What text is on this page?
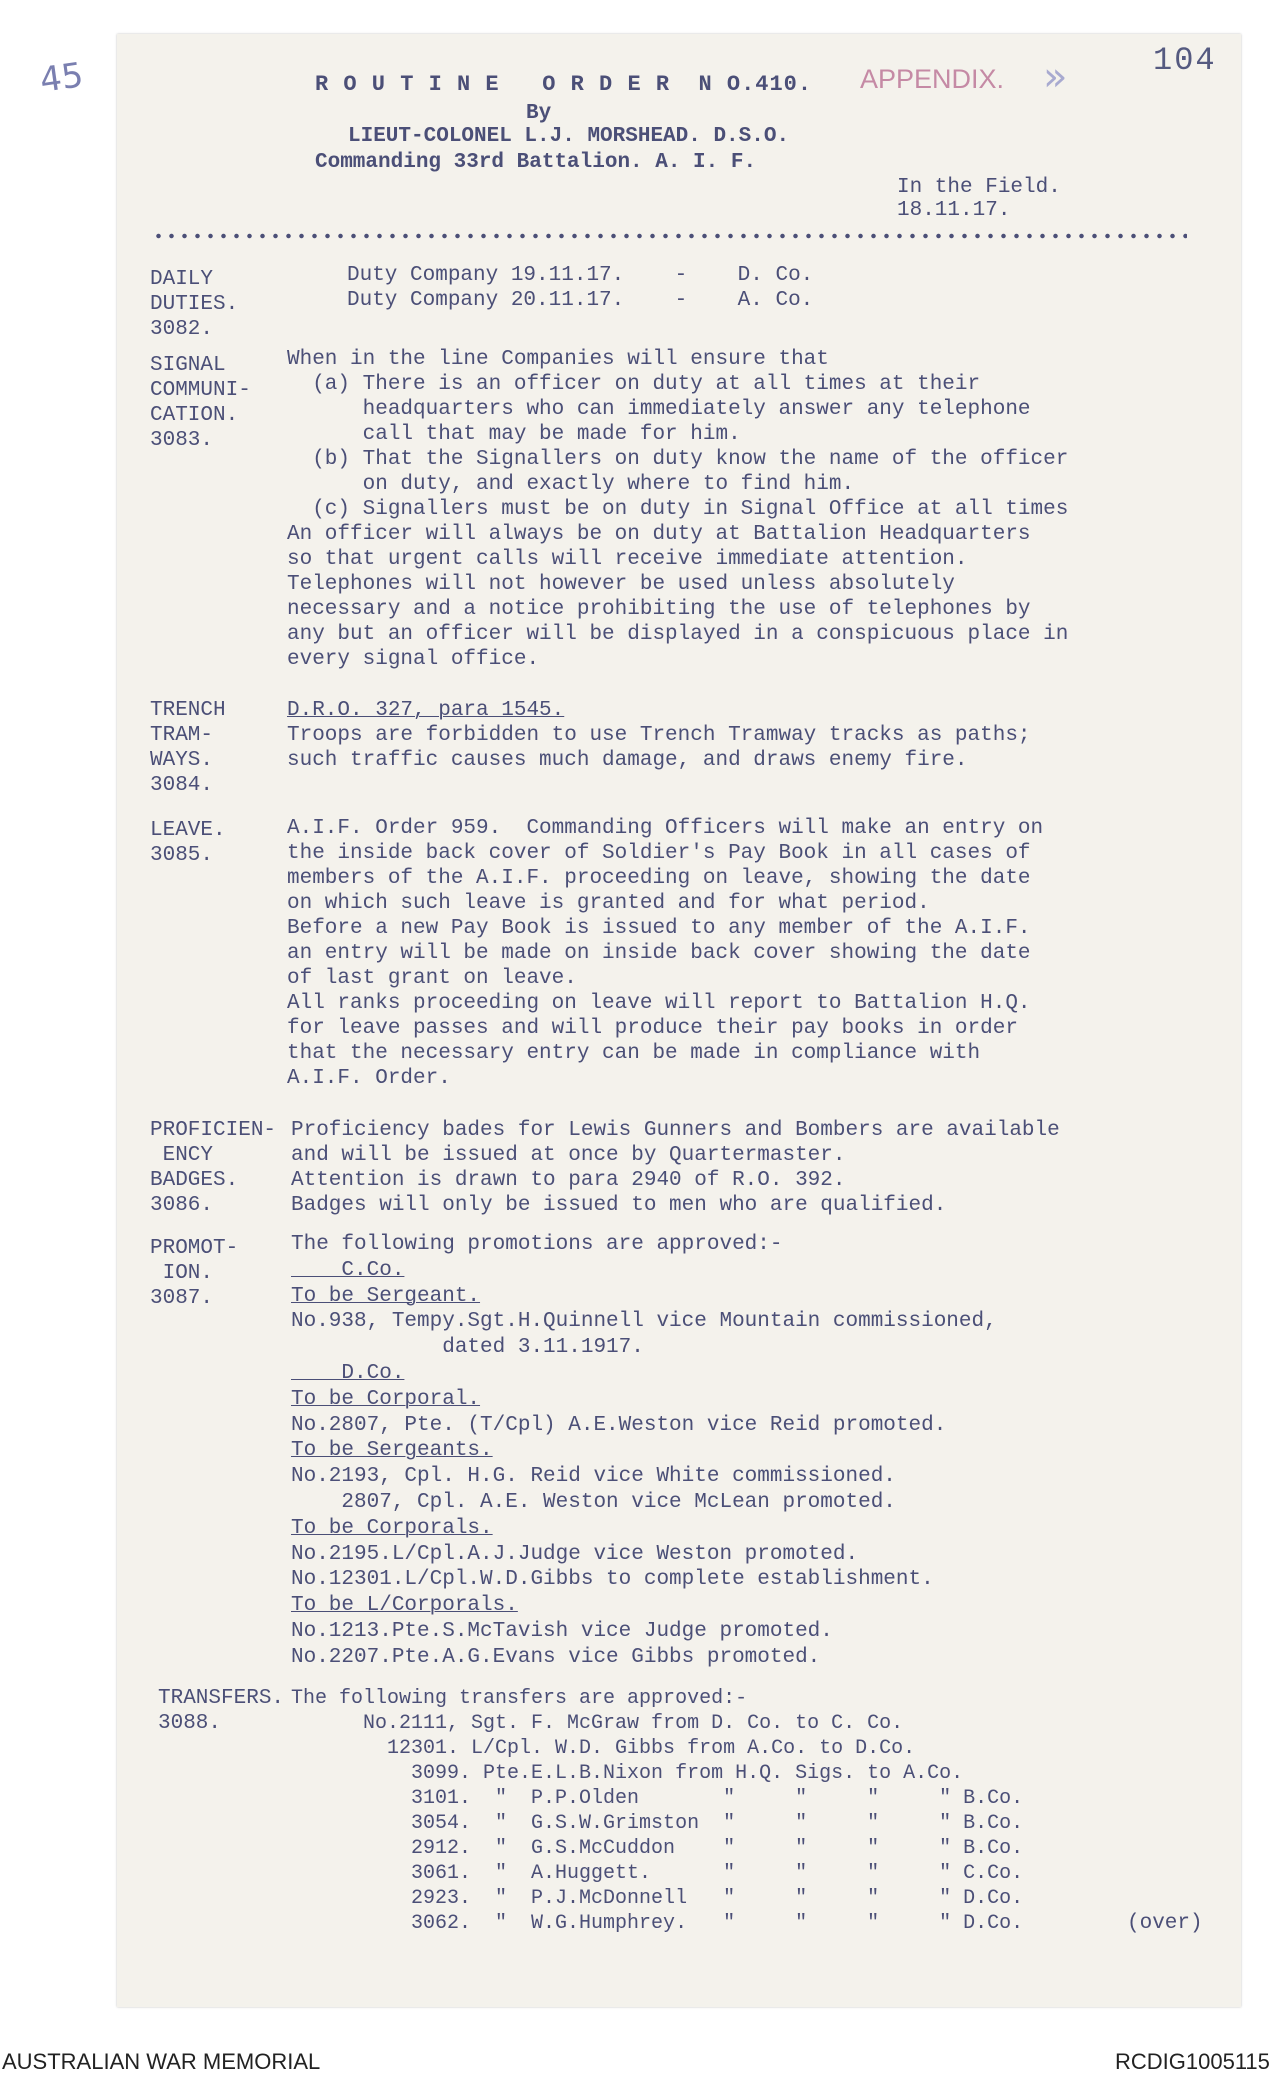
45	104
APPENDIX. »
R O U T I N E   O R D E R  N O.410.
By
LIEUT-COLONEL L.J. MORSHEAD. D.S.O.
Commanding 33rd Battalion. A. I. F.
In the Field.
18.11.17.
DAILY
DUTIES.
3082.
Duty Company 19.11.17.    -    D. Co.
Duty Company 20.11.17.    -    A. Co.
SIGNAL
COMMUNI-
CATION.
3083.
When in the line Companies will ensure that
(a) There is an officer on duty at all times at their
headquarters who can immediately answer any telephone
call that may be made for him.
(b) That the Signallers on duty know the name of the officer
on duty, and exactly where to find him.
(c) Signallers must be on duty in Signal Office at all times
An officer will always be on duty at Battalion Headquarters
so that urgent calls will receive immediate attention.
Telephones will not however be used unless absolutely
necessary and a notice prohibiting the use of telephones by
any but an officer will be displayed in a conspicuous place in
every signal office.
TRENCH
TRAM-
WAYS.
3084.
D.R.O. 327, para 1545.
Troops are forbidden to use Trench Tramway tracks as paths;
such traffic causes much damage, and draws enemy fire.
LEAVE.
3085.
A.I.F. Order 959.  Commanding Officers will make an entry on
the inside back cover of Soldier's Pay Book in all cases of
members of the A.I.F. proceeding on leave, showing the date
on which such leave is granted and for what period.
Before a new Pay Book is issued to any member of the A.I.F.
an entry will be made on inside back cover showing the date
of last grant on leave.
All ranks proceeding on leave will report to Battalion H.Q.
for leave passes and will produce their pay books in order
that the necessary entry can be made in compliance with
A.I.F. Order.
PROFICIEN-
ENCY
BADGES.
3086.
Proficiency bades for Lewis Gunners and Bombers are available
and will be issued at once by Quartermaster.
Attention is drawn to para 2940 of R.O. 392.
Badges will only be issued to men who are qualified.
PROMOT-
ION.
3087.
The following promotions are approved:-
C.Co.
To be Sergeant.
No.938, Tempy.Sgt.H.Quinnell vice Mountain commissioned,
dated 3.11.1917.
D.Co.
To be Corporal.
No.2807, Pte. (T/Cpl) A.E.Weston vice Reid promoted.
To be Sergeants.
No.2193, Cpl. H.G. Reid vice White commissioned.
2807, Cpl. A.E. Weston vice McLean promoted.
To be Corporals.
No.2195.L/Cpl.A.J.Judge vice Weston promoted.
No.12301.L/Cpl.W.D.Gibbs to complete establishment.
To be L/Corporals.
No.1213.Pte.S.McTavish vice Judge promoted.
No.2207.Pte.A.G.Evans vice Gibbs promoted.
TRANSFERS.
3088.
The following transfers are approved:-
No.2111, Sgt. F. McGraw from D. Co. to C. Co.
12301. L/Cpl. W.D. Gibbs from A.Co. to D.Co.
3099. Pte.E.L.B.Nixon from H.Q. Sigs. to A.Co.
3101.  "  P.P.Olden       "     "     "     " B.Co.
3054.  "  G.S.W.Grimston  "     "     "     " B.Co.
2912.  "  G.S.McCuddon    "     "     "     " B.Co.
3061.  "  A.Huggett.      "     "     "     " C.Co.
2923.  "  P.J.McDonnell   "     "     "     " D.Co.
3062.  "  W.G.Humphrey.   "     "     "     " D.Co.	(over)
AUSTRALIAN WAR MEMORIAL	RCDIG1005115
